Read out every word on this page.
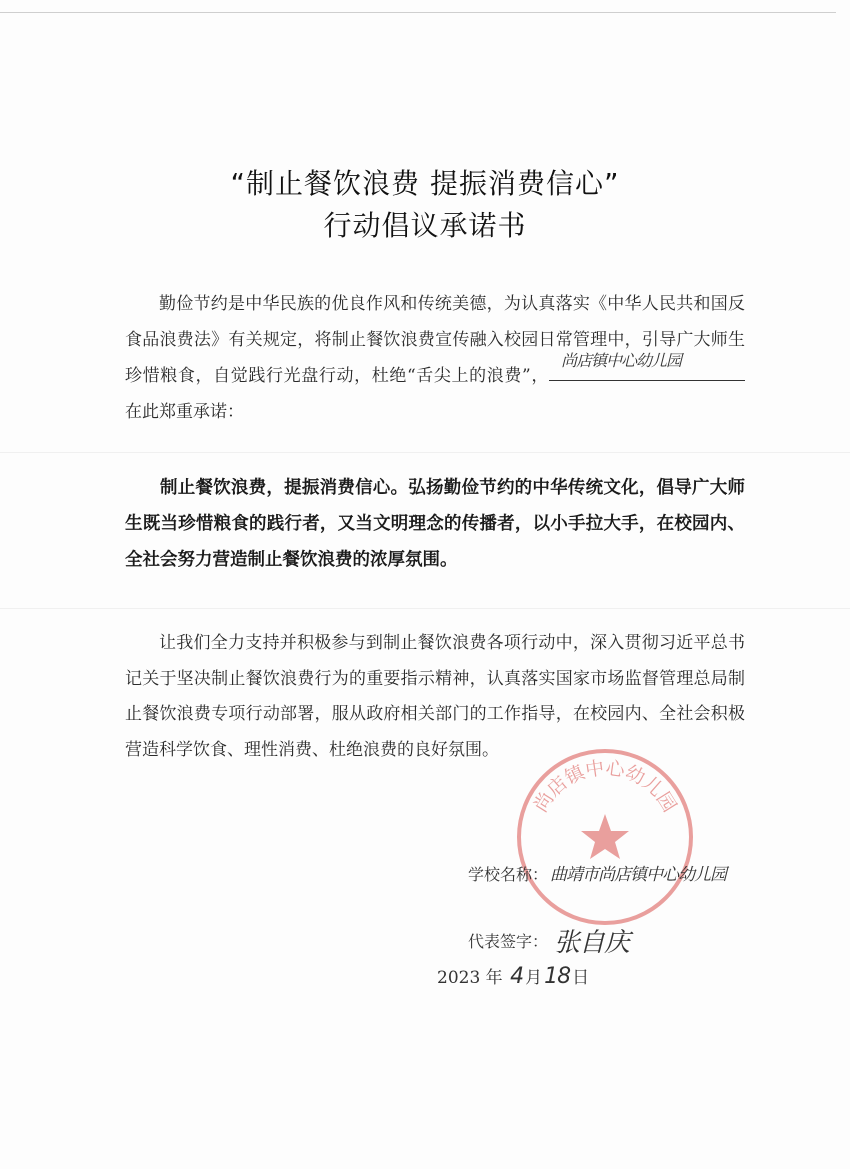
“制止餐饮浪费 提振消费信心”
行动倡议承诺书

勤俭节约是中华民族的优良作风和传统美德，为认真落实《中华人民共和国反食品浪费法》有关规定，将制止餐饮浪费宣传融入校园日常管理中，引导广大师生珍惜粮食，自觉践行光盘行动，杜绝“舌尖上的浪费”，
尚店镇中心幼儿园
在此郑重承诺：

制止餐饮浪费，提振消费信心。弘扬勤俭节约的中华传统文化，倡导广大师生既当珍惜粮食的践行者，又当文明理念的传播者，以小手拉大手，在校园内、全社会努力营造制止餐饮浪费的浓厚氛围。

让我们全力支持并积极参与到制止餐饮浪费各项行动中，深入贯彻习近平总书记关于坚决制止餐饮浪费行为的重要指示精神，认真落实国家市场监督管理总局制止餐饮浪费专项行动部署，服从政府相关部门的工作指导，在校园内、全社会积极营造科学饮食、理性消费、杜绝浪费的良好氛围。

尚店镇中心幼儿园
学校名称： 曲靖市尚店镇中心幼儿园
代表签字： 张自庆
2023 年 4 月18 日
